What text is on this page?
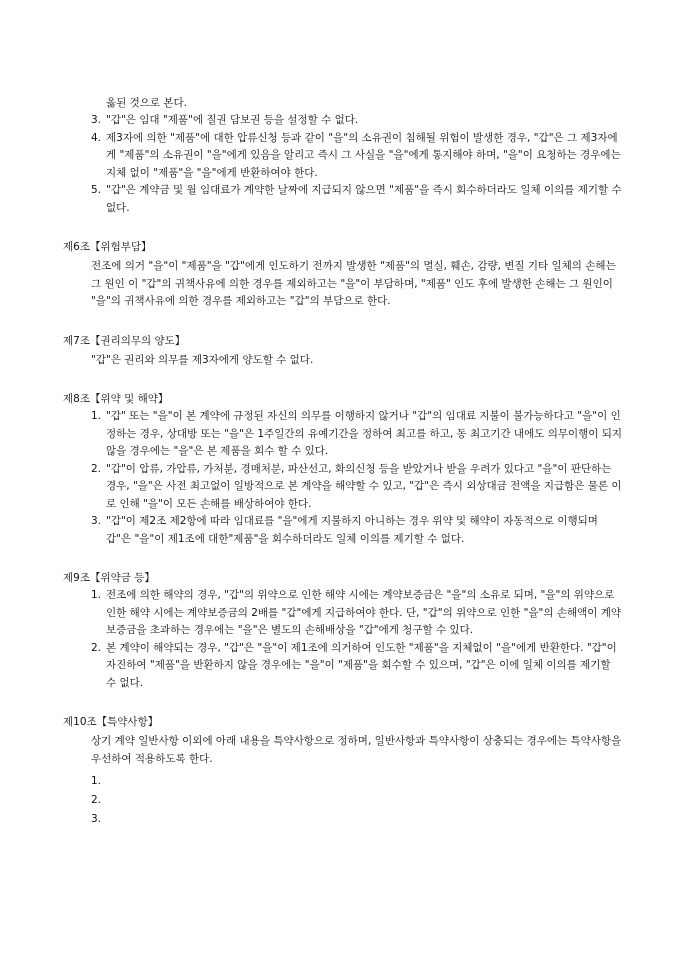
옳된 것으로 본다.
3. "갑"은 임대 "제품"에 질권 담보권 등을 설정할 수 없다.
4. 제3자에 의한 "제품"에 대한 압류신청 등과 같이 "을"의 소유권이 침해될 위험이 발생한 경우, "갑"은 그 제3자에게 "제품"의 소유권이 "을"에게 있음을 알리고 즉시 그 사실을 "을"에게 통지해야 하며, "을"이 요청하는 경우에는 지체 없이 "제품"을 "을"에게 반환하여야 한다.
5. "갑"은 계약금 및 월 임대료가 계약한 날짜에 지급되지 않으면 "제품"을 즉시 회수하더라도 일체 이의를 제기할 수 없다.
제6조【위험부담】
전조에 의거 "을"이 "제품"을 "갑"에게 인도하기 전까지 발생한 "제품"의 멸실, 훼손, 감량, 변질 기타 일체의 손해는 그 원인 이 "갑"의 귀책사유에 의한 경우를 제외하고는 "을"이 부담하며, "제품" 인도 후에 발생한 손해는 그 원인이 "을"의 귀책사유에 의한 경우를 제외하고는 "갑"의 부담으로 한다.
제7조【권리의무의 양도】
"갑"은 권리와 의무를 제3자에게 양도할 수 없다.
제8조【위약 및 해약】
1. "갑" 또는 "을"이 본 계약에 규정된 자신의 의무를 이행하지 않거나 "갑"의 임대료 지불이 불가능하다고 "을"이 인정하는 경우, 상대방 또는 "을"은 1주일간의 유예기간을 정하여 최고를 하고, 동 최고기간 내에도 의무이행이 되지 않을 경우에는 "을"은 본 제품을 회수 할 수 있다.
2. "갑"이 압류, 가압류, 가처분, 경매처분, 파산선고, 화의신청 등을 받았거나 받을 우려가 있다고 "을"이 판단하는 경우, "을"은 사전 최고없이 일방적으로 본 계약을 해약할 수 있고, "갑"은 즉시 외상대금 전액을 지급함은 물론 이로 인해 "을"이 모든 손해를 배상하여야 한다.
3. "갑"이 제2조 제2항에 따라 임대료를 "을"에게 지불하지 아니하는 경우 위약 및 해약이 자동적으로 이행되며 갑"은 "을"이 제1조에 대한"제품"을 회수하더라도 일체 이의를 제기할 수 없다.
제9조【위약금 등】
1. 전조에 의한 해약의 경우, "갑"의 위약으로 인한 해약 시에는 계약보증금은 "을"의 소유로 되며, "을"의 위약으로 인한 해약 시에는 계약보증금의 2배를 "갑"에게 지급하여야 한다. 단, "갑"의 위약으로 인한 "을"의 손해액이 계약보증금을 초과하는 경우에는 "을"은 별도의 손해배상을 "갑"에게 청구할 수 있다.
2. 본 계약이 해약되는 경우, "갑"은 "을"이 제1조에 의거하여 인도한 "제품"을 지체없이 "을"에게 반환한다. "갑"이 자진하여 "제품"을 반환하지 않을 경우에는 "을"이 "제품"을 회수할 수 있으며, "갑"은 이에 일체 이의를 제기할 수 없다.
제10조【특약사항】
상기 계약 일반사항 이외에 아래 내용을 특약사항으로 정하며, 일반사항과 특약사항이 상충되는 경우에는 특약사항을 우선하여 적용하도록 한다.
1.
2.
3.
